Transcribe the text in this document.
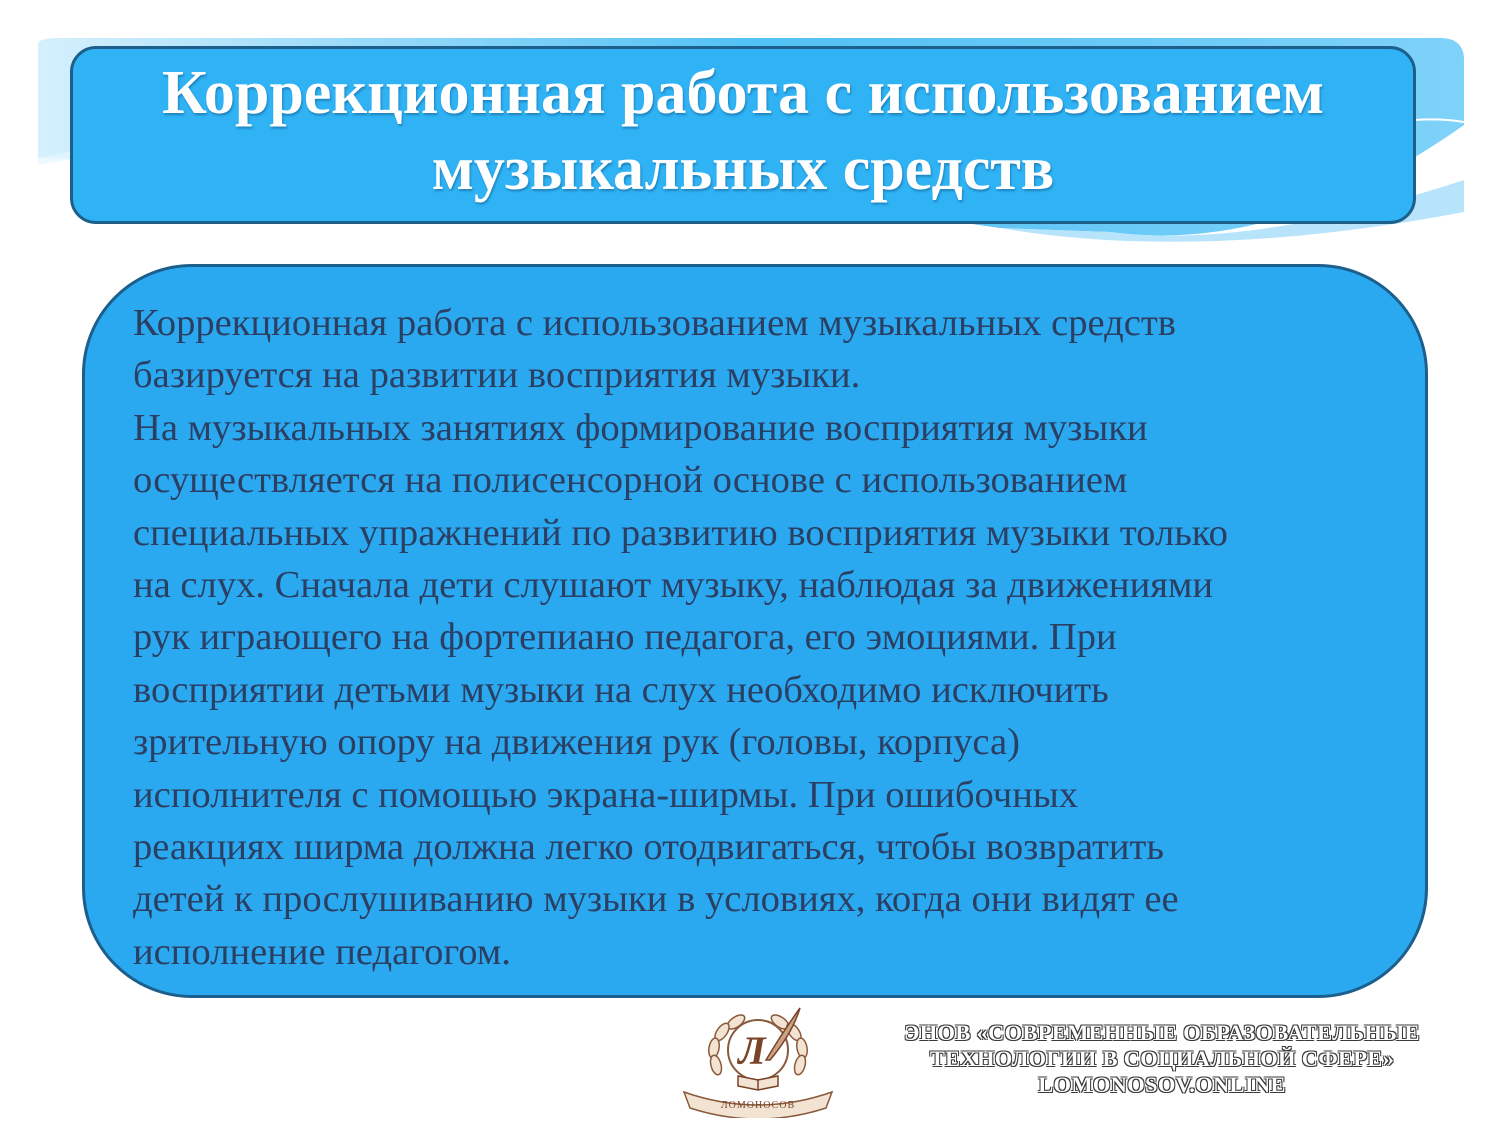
Коррекционная работа с использованием музыкальных средств

Коррекционная работа с использованием музыкальных средств
базируется на развитии восприятия музыки.
На музыкальных занятиях формирование восприятия музыки
осуществляется на полисенсорной основе с использованием
специальных упражнений по развитию восприятия музыки только
на слух. Сначала дети слушают музыку, наблюдая за движениями
рук играющего на фортепиано педагога, его эмоциями. При
восприятии детьми музыки на слух необходимо исключить
зрительную опору на движения рук (головы, корпуса)
исполнителя с помощью экрана-ширмы. При ошибочных
реакциях ширма должна легко отодвигаться, чтобы возвратить
детей к прослушиванию музыки в условиях, когда они видят ее
исполнение педагогом.

Л
ЛОМОНОСОВ
ЭНОВ «СОВРЕМЕННЫЕ ОБРАЗОВАТЕЛЬНЫЕ
ТЕХНОЛОГИИ В СОЦИАЛЬНОЙ СФЕРЕ»
LOMONOSOV.ONLINE
